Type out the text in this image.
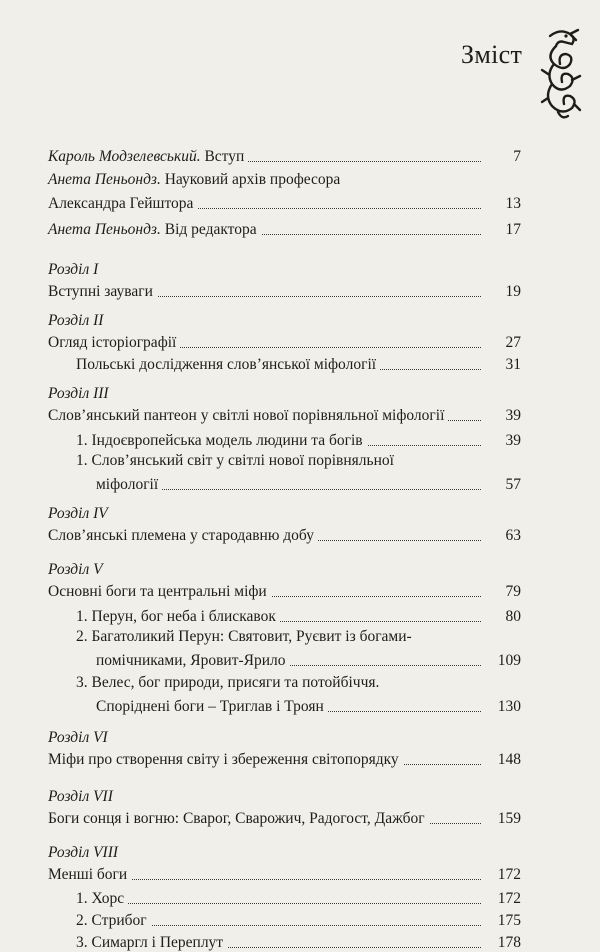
Зміст
Кароль Модзелевський. Вступ	7
Анета Пеньондз. Науковий архів професора
Александра Гейштора	13
Анета Пеньондз. Від редактора	17
Розділ I
Вступні зауваги	19
Розділ II
Огляд історіографії	27
Польські дослідження слов’янської міфології	31
Розділ III
Слов’янський пантеон у світлі нової порівняльної міфології	39
1. Індоєвропейська модель людини та богів	39
1. Слов’янський світ у світлі нової порівняльної
міфології	57
Розділ IV
Слов’янські племена у стародавню добу	63
Розділ V
Основні боги та центральні міфи	79
1. Перун, бог неба і блискавок	80
2. Багатоликий Перун: Святовит, Руєвит із богами-
помічниками, Яровит-Ярило	109
3. Велес, бог природи, присяги та потойбіччя.
Споріднені боги – Триглав і Троян	130
Розділ VI
Міфи про створення світу і збереження світопорядку	148
Розділ VII
Боги сонця і вогню: Сварог, Сварожич, Радогост, Дажбог	159
Розділ VIII
Менші боги	172
1. Хорс	172
2. Стрибог	175
3. Симаргл і Переплут	178
